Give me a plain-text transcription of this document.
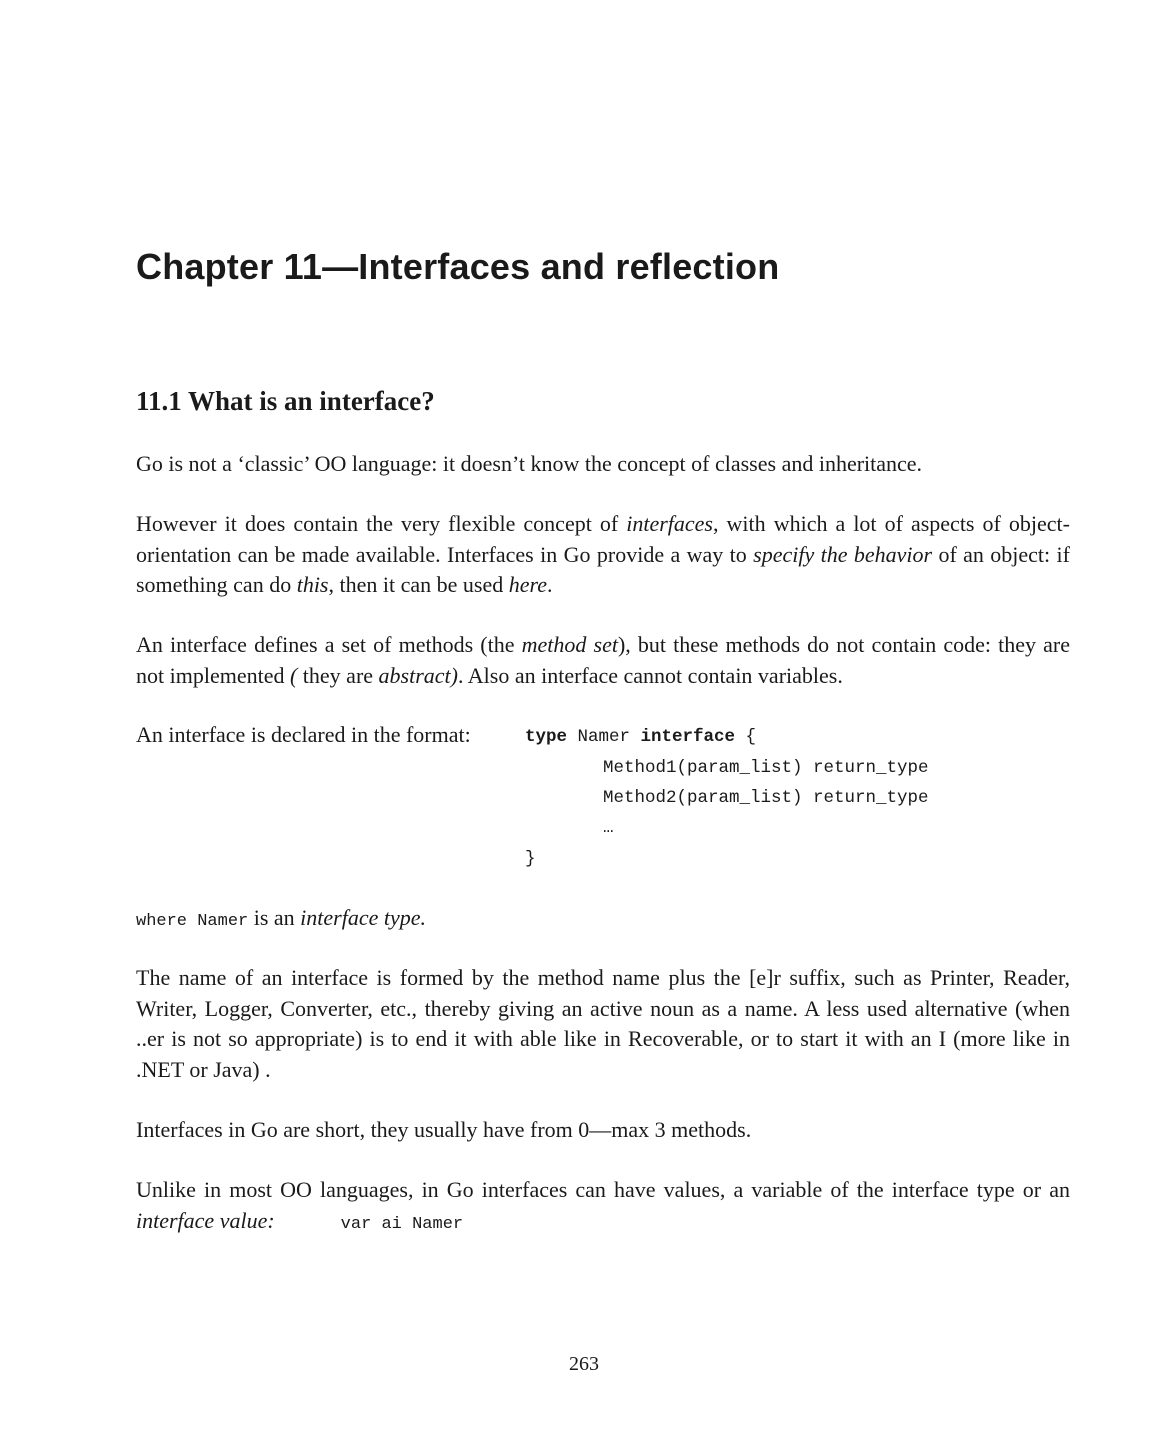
Chapter 11—Interfaces and reflection
11.1 What is an interface?

Go is not a ‘classic’ OO language: it doesn’t know the concept of classes and inheritance.

However it does contain the very flexible concept of interfaces, with which a lot of aspects of object-orientation can be made available. Interfaces in Go provide a way to specify the behavior of an object: if something can do this, then it can be used here.

An interface defines a set of methods (the method set), but these methods do not contain code: they are not implemented ( they are abstract). Also an interface cannot contain variables.

An interface is declared in the format:	type Namer interface {

Method1(param_list) return_type

Method2(param_list) return_type

…

}

where Namer is an interface type.

The name of an interface is formed by the method name plus the [e]r suffix, such as Printer, Reader, Writer, Logger, Converter, etc., thereby giving an active noun as a name. A less used alternative (when ..er is not so appropriate) is to end it with able like in Recoverable, or to start it with an I (more like in .NET or Java) .

Interfaces in Go are short, they usually have from 0—max 3 methods.

Unlike in most OO languages, in Go interfaces can have values, a variable of the interface type or an interface value:	var ai Namer

263
